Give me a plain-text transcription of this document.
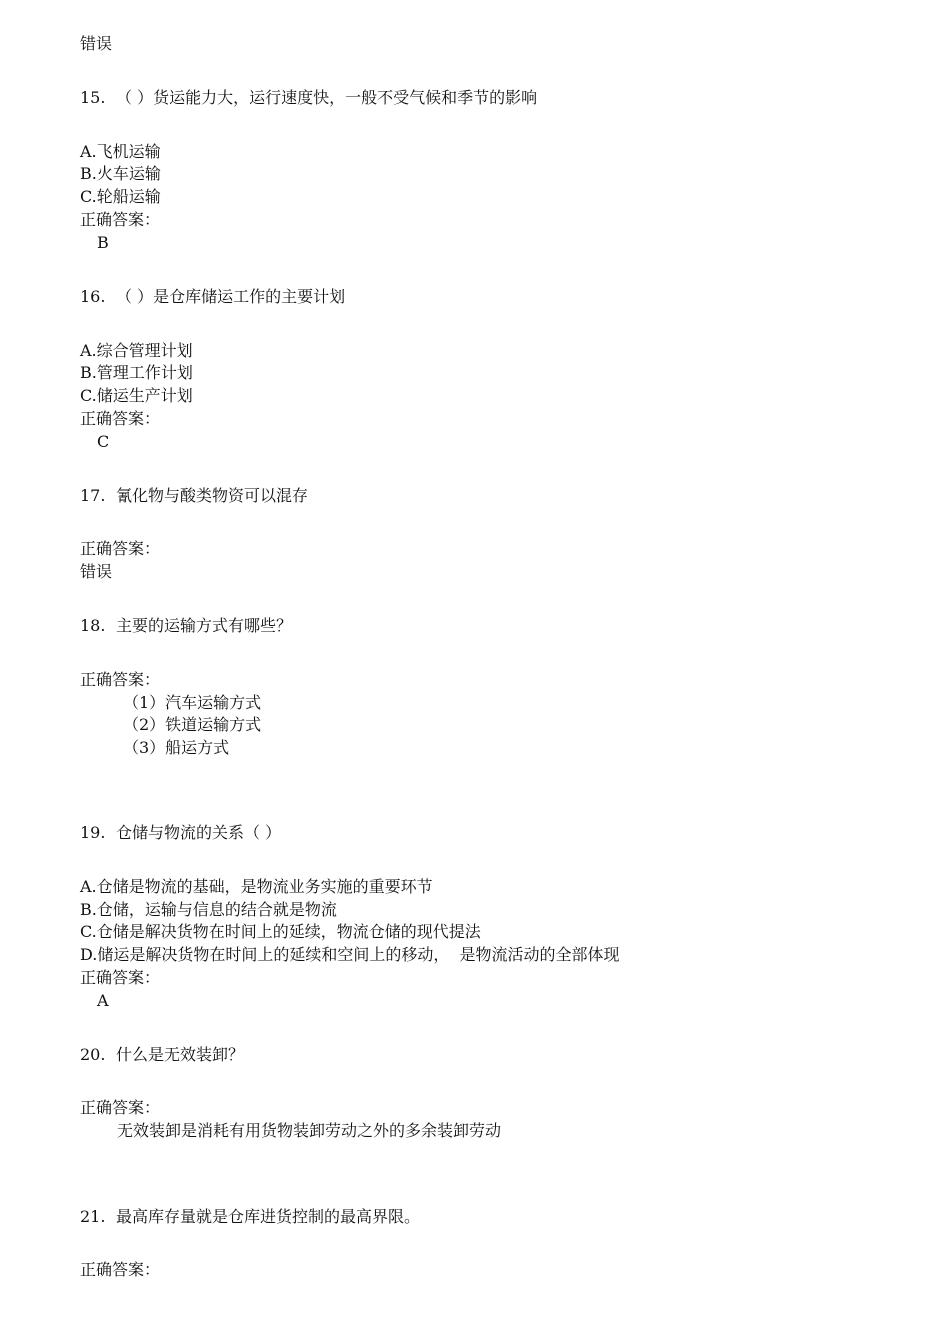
错误
15. （ ）货运能力大，运行速度快，一般不受气候和季节的影响
A.飞机运输
B.火车运输
C.轮船运输
正确答案：
B
16. （ ）是仓库储运工作的主要计划
A.综合管理计划
B.管理工作计划
C.储运生产计划
正确答案：
C
17. 氰化物与酸类物资可以混存
正确答案：
错误
18. 主要的运输方式有哪些？
正确答案：
（1）汽车运输方式
（2）铁道运输方式
（3）船运方式
19. 仓储与物流的关系（ ）
A.仓储是物流的基础，是物流业务实施的重要环节
B.仓储，运输与信息的结合就是物流
C.仓储是解决货物在时间上的延续，物流仓储的现代提法
D.储运是解决货物在时间上的延续和空间上的移动，  是物流活动的全部体现
正确答案：
A
20. 什么是无效装卸？
正确答案：
无效装卸是消耗有用货物装卸劳动之外的多余装卸劳动
21. 最高库存量就是仓库进货控制的最高界限。
正确答案：
